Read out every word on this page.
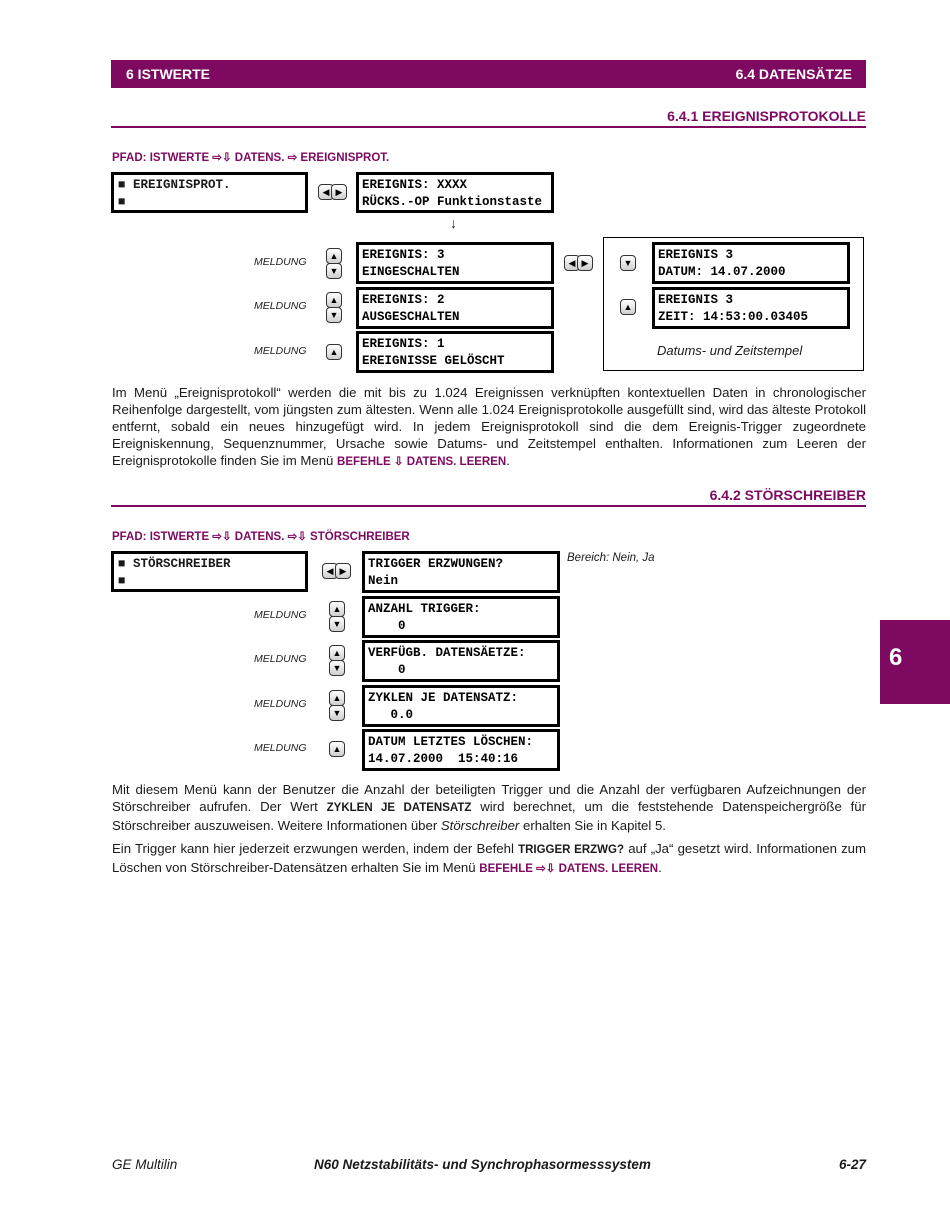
6 ISTWERTE	6.4 DATENSÄTZE
6.4.1 EREIGNISPROTOKOLLE
PFAD: ISTWERTE ⇨⇩ DATENS. ⇨ EREIGNISPROT.
■ EREIGNISPROT.
■
◀ ▶	EREIGNIS: XXXX
RÜCKS.-OP Funktionstaste
↓
MELDUNG
▲
▼
EREIGNIS: 3
EINGESCHALTEN
MELDUNG
▲
▼
EREIGNIS: 2
AUSGESCHALTEN
MELDUNG	▲
EREIGNIS: 1
EREIGNISSE GELÖSCHT
◀ ▶	▼
EREIGNIS 3
DATUM: 14.07.2000
▲ EREIGNIS 3
ZEIT: 14:53:00.03405
Datums- und Zeitstempel
Im Menü „Ereignisprotokoll“ werden die mit bis zu 1.024 Ereignissen verknüpften kontextuellen Daten in chronologischer Reihenfolge dargestellt, vom jüngsten zum ältesten. Wenn alle 1.024 Ereignisprotokolle ausgefüllt sind, wird das älteste Protokoll entfernt, sobald ein neues hinzugefügt wird. In jedem Ereignisprotokoll sind die dem Ereignis-Trigger zugeordnete Ereigniskennung, Sequenznummer, Ursache sowie Datums- und Zeitstempel enthalten. Informationen zum Leeren der Ereignisprotokolle finden Sie im Menü BEFEHLE ⇩ DATENS. LEEREN.
6.4.2 STÖRSCHREIBER
PFAD: ISTWERTE ⇨⇩ DATENS. ⇨⇩ STÖRSCHREIBER
■ STÖRSCHREIBER
■
◀ ▶	TRIGGER ERZWUNGEN?
Nein
Bereich: Nein, Ja
MELDUNG
▲
▼
ANZAHL TRIGGER:
0
MELDUNG
▲
▼
VERFÜGB. DATENSÄETZE:
0
MELDUNG
▲
▼
ZYKLEN JE DATENSATZ:
0.0
MELDUNG	▲ DATUM LETZTES LÖSCHEN:
14.07.2000  15:40:16
Mit diesem Menü kann der Benutzer die Anzahl der beteiligten Trigger und die Anzahl der verfügbaren Aufzeichnungen der Störschreiber aufrufen. Der Wert ZYKLEN JE DATENSATZ wird berechnet, um die feststehende Datenspeichergröße für Störschreiber auszuweisen. Weitere Informationen über Störschreiber erhalten Sie in Kapitel 5.
Ein Trigger kann hier jederzeit erzwungen werden, indem der Befehl TRIGGER ERZWG? auf „Ja“ gesetzt wird. Informationen zum Löschen von Störschreiber-Datensätzen erhalten Sie im Menü BEFEHLE ⇨⇩ DATENS. LEEREN.
6
GE Multilin	N60 Netzstabilitäts- und Synchrophasormesssystem	6-27
